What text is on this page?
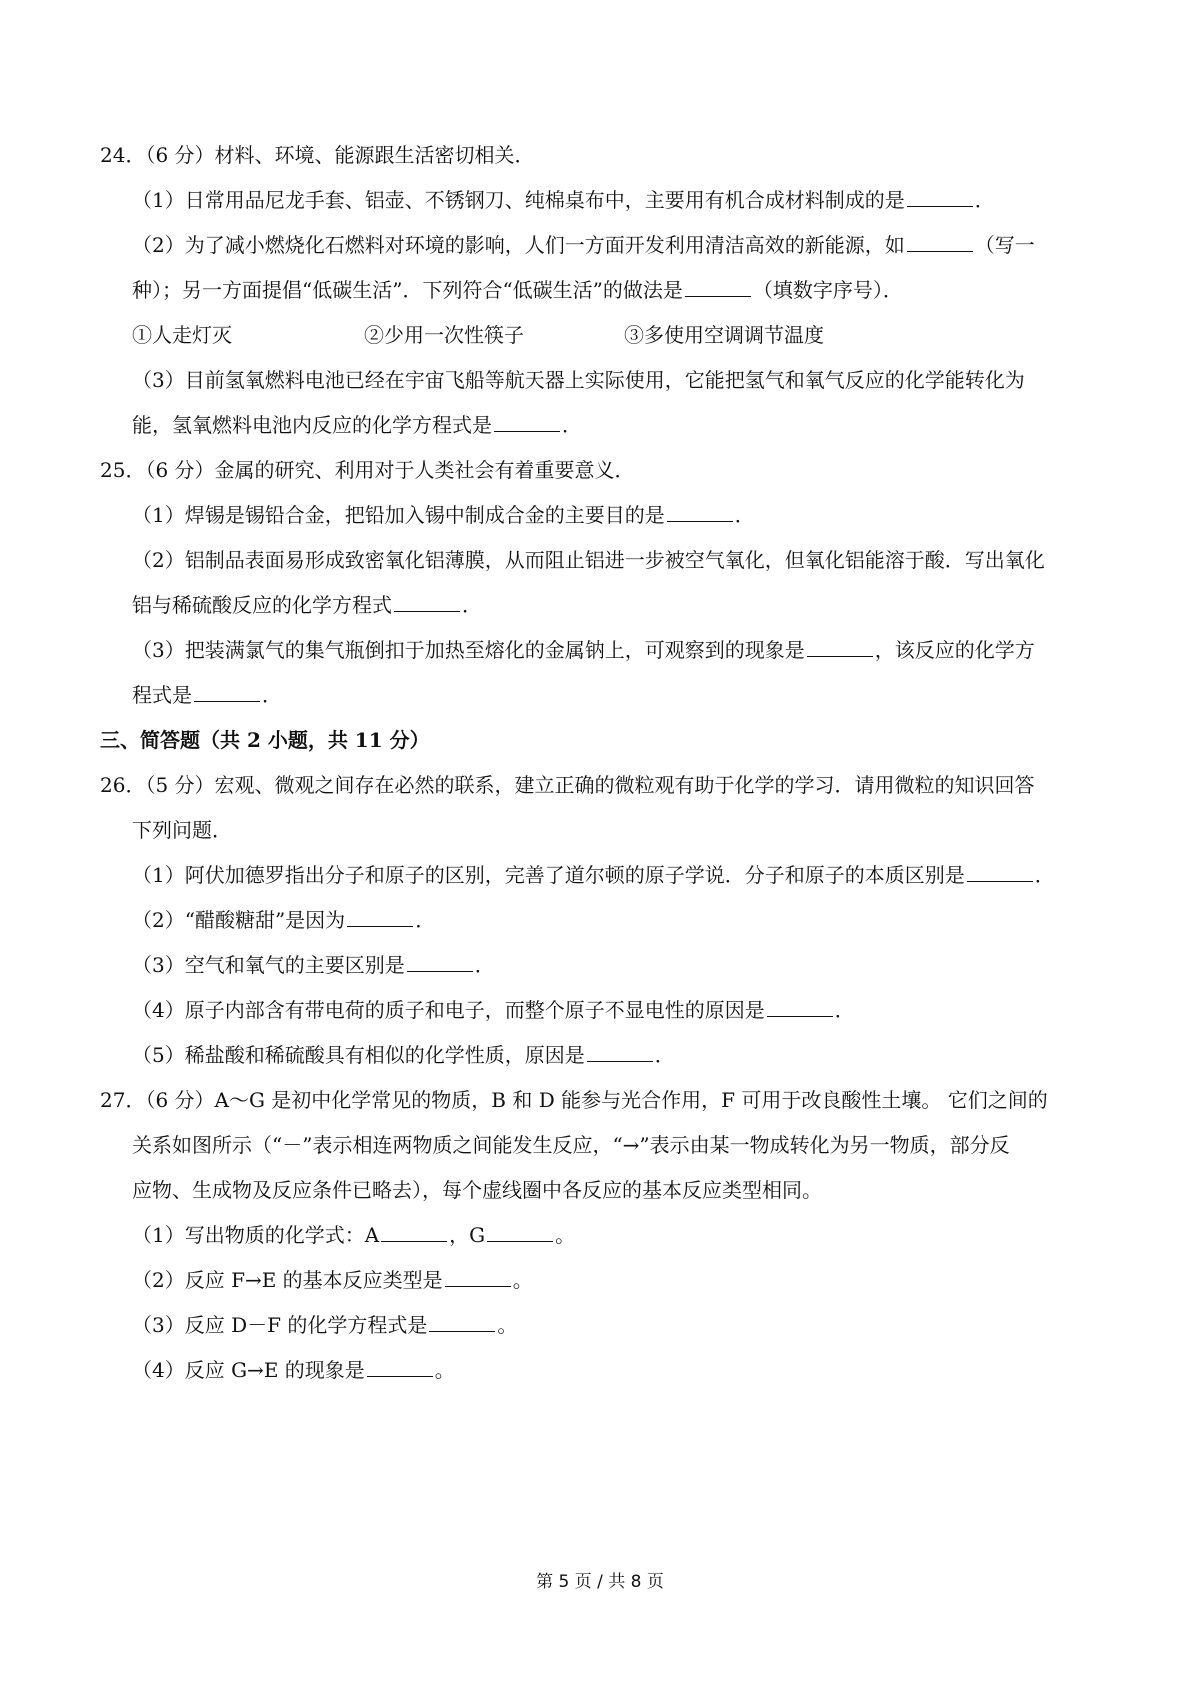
24．（6 分）材料、环境、能源跟生活密切相关．
（1）日常用品尼龙手套、铝壶、不锈钢刀、纯棉桌布中，主要用有机合成材料制成的是	．
（2）为了减小燃烧化石燃料对环境的影响，人们一方面开发利用清洁高效的新能源，如	（写一
种）；另一方面提倡“低碳生活”．下列符合“低碳生活”的做法是	（填数字序号）．
①人走灯灭	②少用一次性筷子	③多使用空调调节温度
（3）目前氢氧燃料电池已经在宇宙飞船等航天器上实际使用，它能把氢气和氧气反应的化学能转化为
能，氢氧燃料电池内反应的化学方程式是	．
25．（6 分）金属的研究、利用对于人类社会有着重要意义．
（1）焊锡是锡铅合金，把铅加入锡中制成合金的主要目的是	．
（2）铝制品表面易形成致密氧化铝薄膜，从而阻止铝进一步被空气氧化，但氧化铝能溶于酸．写出氧化
铝与稀硫酸反应的化学方程式	．
（3）把装满氯气的集气瓶倒扣于加热至熔化的金属钠上，可观察到的现象是	，该反应的化学方
程式是	．
三、简答题（共 2 小题，共 11 分）
26．（5 分）宏观、微观之间存在必然的联系，建立正确的微粒观有助于化学的学习．请用微粒的知识回答
下列问题．
（1）阿伏加德罗指出分子和原子的区别，完善了道尔顿的原子学说．分子和原子的本质区别是	．
（2）“醋酸糖甜”是因为	．
（3）空气和氧气的主要区别是	．
（4）原子内部含有带电荷的质子和电子，而整个原子不显电性的原因是	．
（5）稀盐酸和稀硫酸具有相似的化学性质，原因是	．
27．（6 分）A～G 是初中化学常见的物质，B 和 D 能参与光合作用，F 可用于改良酸性土壤。 它们之间的
关系如图所示（“－”表示相连两物质之间能发生反应，“→”表示由某一物成转化为另一物质，部分反
应物、生成物及反应条件已略去），每个虚线圈中各反应的基本反应类型相同。
（1）写出物质的化学式：A	，G	。
（2）反应 F→E 的基本反应类型是	。
（3）反应 D－F 的化学方程式是	。
（4）反应 G→E 的现象是	。
第 5 页 / 共 8 页
